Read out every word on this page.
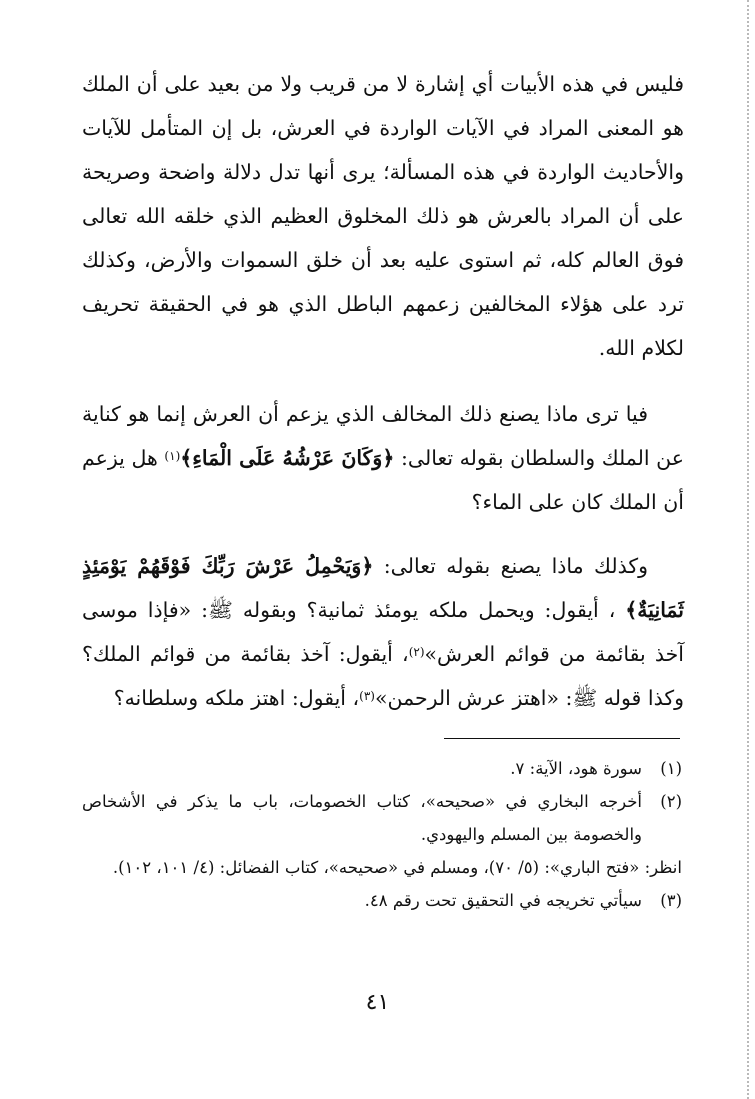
فليس في هذه الأبيات أي إشارة لا من قريب ولا من بعيد على أن الملك هو المعنى المراد في الآيات الواردة في العرش، بل إن المتأمل للآيات والأحاديث الواردة في هذه المسألة؛ يرى أنها تدل دلالة واضحة وصريحة على أن المراد بالعرش هو ذلك المخلوق العظيم الذي خلقه الله تعالى فوق العالم كله، ثم استوى عليه بعد أن خلق السموات والأرض، وكذلك ترد على هؤلاء المخالفين زعمهم الباطل الذي هو في الحقيقة تحريف لكلام الله.

فيا ترى ماذا يصنع ذلك المخالف الذي يزعم أن العرش إنما هو كناية عن الملك والسلطان بقوله تعالى: ﴿وَكَانَ عَرْشُهُ عَلَى الْمَاءِ﴾$^{(١)}$ هل يزعم أن الملك كان على الماء؟

وكذلك ماذا يصنع بقوله تعالى: ﴿وَيَحْمِلُ عَرْشَ رَبِّكَ فَوْقَهُمْ يَوْمَئِذٍ ثَمَانِيَةٌ﴾ ، أيقول: ويحمل ملكه يومئذ ثمانية؟ وبقوله ﷺ: «فإذا موسى آخذ بقائمة من قوائم العرش»$^{(٢)}$، أيقول: آخذ بقائمة من قوائم الملك؟ وكذا قوله ﷺ: «اهتز عرش الرحمن»$^{(٣)}$، أيقول: اهتز ملكه وسلطانه؟

(١)
سورة هود، الآية: ٧.
(٢)
أخرجه البخاري في «صحيحه»، كتاب الخصومات، باب ما يذكر في الأشخاص والخصومة بين المسلم واليهودي.
انظر: «فتح الباري»: (٥/ ٧٠)، ومسلم في «صحيحه»، كتاب الفضائل: (٤/ ١٠١، ١٠٢).
(٣)
سيأتي تخريجه في التحقيق تحت رقم ٤٨.
٤١
